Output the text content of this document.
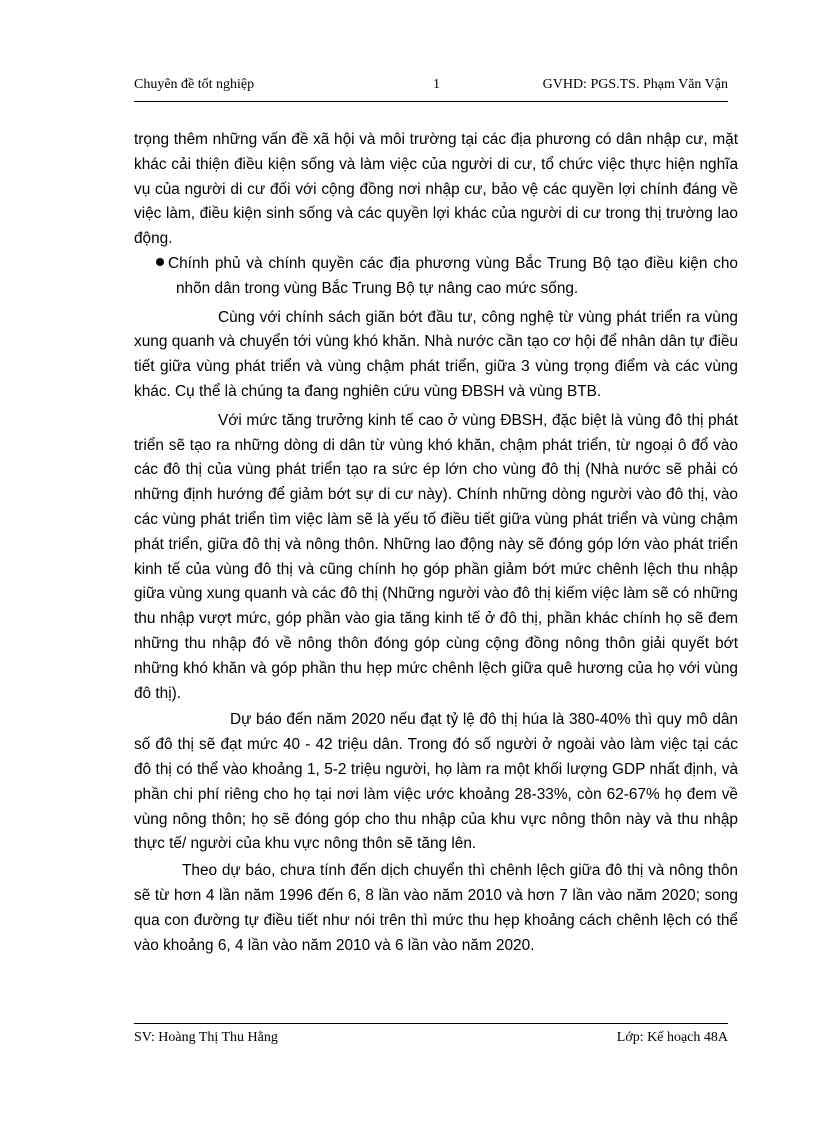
Chuyên đề tốt nghiệp	1	GVHD: PGS.TS. Phạm Văn Vận

trọng thêm những vấn đề xã hội và môi trường tại các địa phương có dân nhập cư, mặt khác cải thiện điều kiện sống và làm việc của người di cư, tổ chức việc thực hiện nghĩa vụ của người di cư đối với cộng đồng nơi nhập cư, bảo vệ các quyền lợi chính đáng về việc làm, điều kiện sinh sống và các quyền lợi khác của người di cư trong thị trường lao động.

Chính phủ và chính quyền các địa phương vùng Bắc Trung Bộ tạo điều kiện cho nhõn dân trong vùng Bắc Trung Bộ tự nâng cao mức sống.

Cùng với chính sách giãn bớt đầu tư, công nghệ từ vùng phát triển ra vùng xung quanh và chuyển tới vùng khó khăn. Nhà nước cần tạo cơ hội để nhân dân tự điều tiết giữa vùng phát triển và vùng chậm phát triển, giữa 3 vùng trọng điểm và các vùng khác. Cụ thể là chúng ta đang nghiên cứu vùng ĐBSH và vùng BTB.

Với mức tăng trưởng kinh tế cao ở vùng ĐBSH, đặc biệt là vùng đô thị phát triển sẽ tạo ra những dòng di dân từ vùng khó khăn, chậm phát triển, từ ngoại ô đổ vào các đô thị của vùng phát triển tạo ra sức ép lớn cho vùng đô thị (Nhà nước sẽ phải có những định hướng để giảm bớt sự di cư này). Chính những dòng người vào đô thị, vào các vùng phát triển tìm việc làm sẽ là yếu tố điều tiết giữa vùng phát triển và vùng chậm phát triển, giữa đô thị và nông thôn. Những lao động này sẽ đóng góp lớn vào phát triển kinh tế của vùng đô thị và cũng chính họ góp phần giảm bớt mức chênh lệch thu nhập giữa vùng xung quanh và các đô thị (Những người vào đô thị kiếm việc làm sẽ có những thu nhập vượt mức, góp phần vào gia tăng kinh tế ở đô thị, phần khác chính họ sẽ đem những thu nhập đó về nông thôn đóng góp cùng cộng đồng nông thôn giải quyết bớt những khó khăn và góp phần thu hẹp mức chênh lệch giữa quê hương của họ với vùng đô thị).

Dự báo đến năm 2020 nếu đạt tỷ lệ đô thị húa là 380-40% thì quy mô dân số đô thị sẽ đạt mức 40 - 42 triệu dân. Trong đó số người ở ngoài vào làm việc tại các đô thị có thể vào khoảng 1, 5-2 triệu người, họ làm ra một khối lượng GDP nhất định, và phần chi phí riêng cho họ tại nơi làm việc ước khoảng 28-33%, còn 62-67% họ đem về vùng nông thôn; họ sẽ đóng góp cho thu nhập của khu vực nông thôn này và thu nhập thực tế/ người của khu vực nông thôn sẽ tăng lên.

Theo dự báo, chưa tính đến dịch chuyển thì chênh lệch giữa đô thị và nông thôn sẽ từ hơn 4 lần năm 1996 đến 6, 8 lần vào năm 2010 và hơn 7 lần vào năm 2020; song qua con đường tự điều tiết như nói trên thì mức thu hẹp khoảng cách chênh lệch có thể vào khoảng 6, 4 lần vào năm 2010 và 6 lần vào năm 2020.

SV: Hoàng Thị Thu Hằng	Lớp: Kế hoạch 48A
